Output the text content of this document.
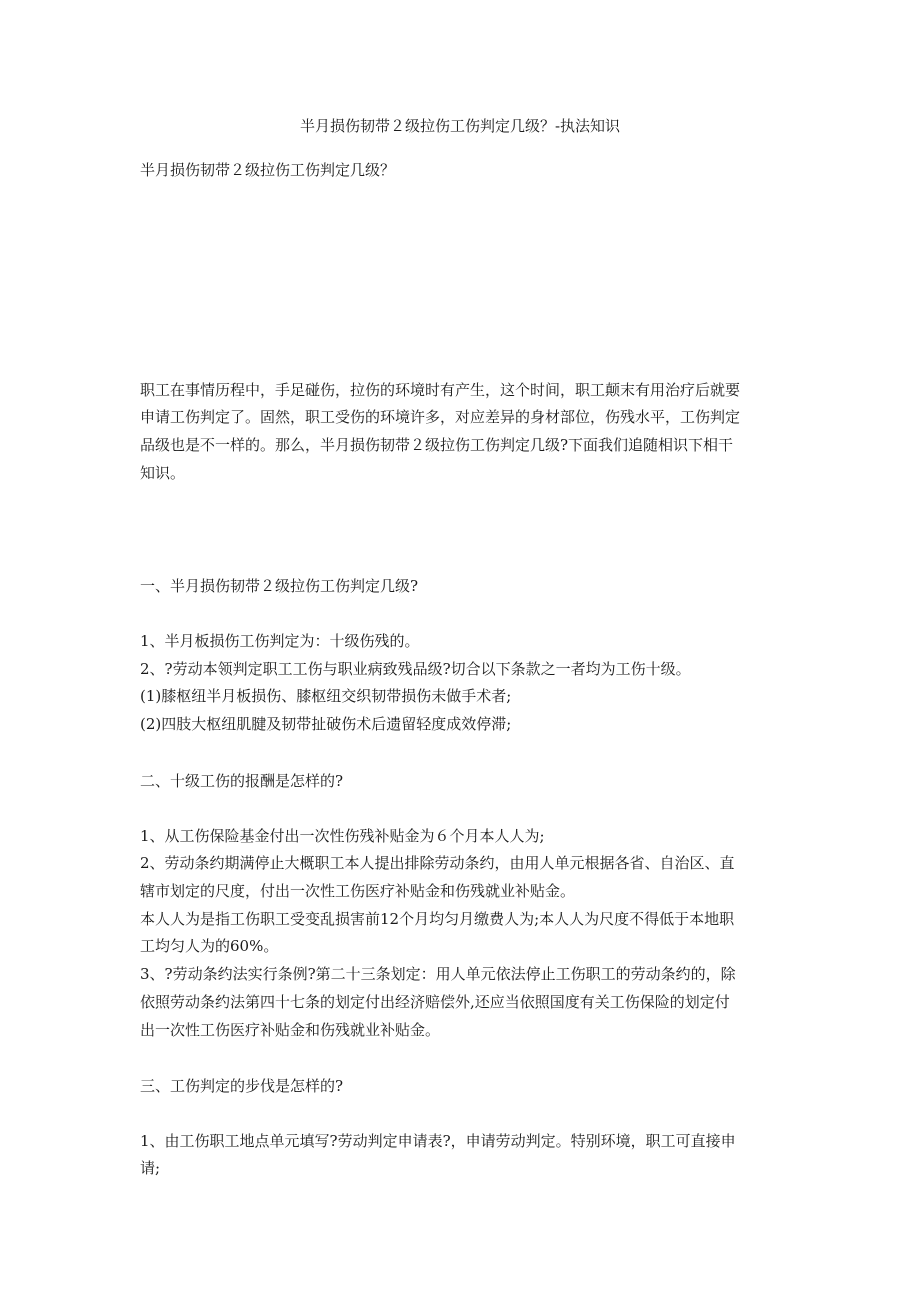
半月损伤韧带２级拉伤工伤判定几级？-执法知识
半月损伤韧带２级拉伤工伤判定几级？
职工在事情历程中，手足碰伤，拉伤的环境时有产生，这个时间，职工颠末有用治疗后就要
申请工伤判定了。固然，职工受伤的环境许多，对应差异的身材部位，伤残水平，工伤判定
品级也是不一样的。那么，半月损伤韧带２级拉伤工伤判定几级?下面我们追随相识下相干
知识。
一、半月损伤韧带２级拉伤工伤判定几级?
1、半月板损伤工伤判定为：十级伤残的。
2、?劳动本领判定职工工伤与职业病致残品级?切合以下条款之一者均为工伤十级。
(1)膝枢纽半月板损伤、膝枢纽交织韧带损伤未做手术者;
(2)四肢大枢纽肌腱及韧带扯破伤术后遗留轻度成效停滞;
二、十级工伤的报酬是怎样的?
1、从工伤保险基金付出一次性伤残补贴金为６个月本人人为;
2、劳动条约期满停止大概职工本人提出排除劳动条约，由用人单元根据各省、自治区、直
辖市划定的尺度，付出一次性工伤医疗补贴金和伤残就业补贴金。
本人人为是指工伤职工受变乱损害前12个月均匀月缴费人为;本人人为尺度不得低于本地职
工均匀人为的60%。
3、?劳动条约法实行条例?第二十三条划定：用人单元依法停止工伤职工的劳动条约的，除
依照劳动条约法第四十七条的划定付出经济赔偿外,还应当依照国度有关工伤保险的划定付
出一次性工伤医疗补贴金和伤残就业补贴金。
三、工伤判定的步伐是怎样的?
1、由工伤职工地点单元填写?劳动判定申请表?，申请劳动判定。特别环境，职工可直接申
请;
